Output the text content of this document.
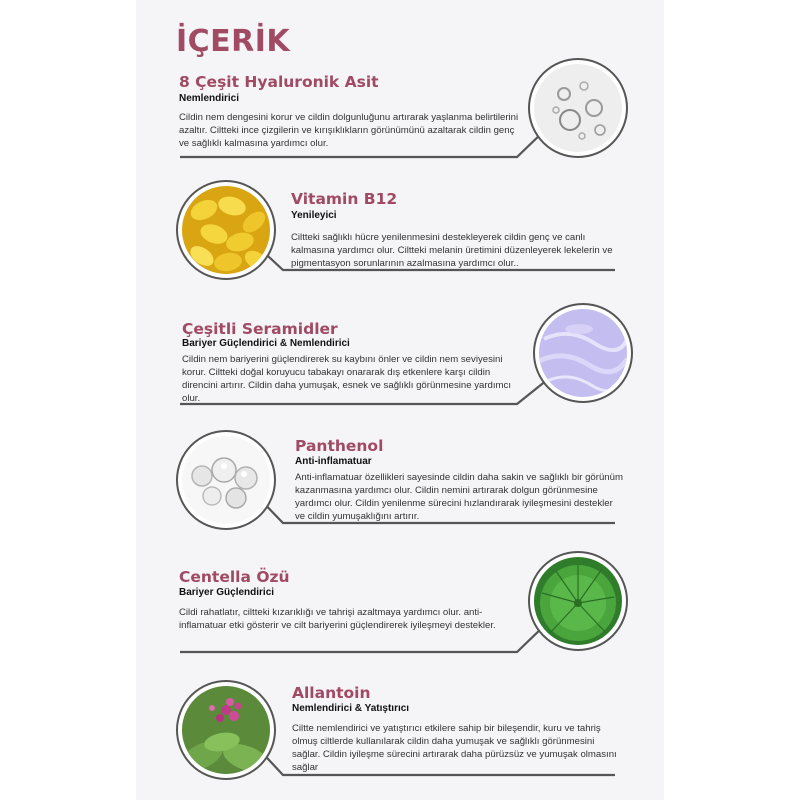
İÇERİK
8 Çeşit Hyaluronik Asit
Nemlendirici

Cildin nem dengesini korur ve cildin dolgunluğunu artırarak yaşlanma belirtilerini azaltır. Ciltteki ince çizgilerin ve kırışıklıkların görünümünü azaltarak cildin genç ve sağlıklı kalmasına yardımcı olur.

Vitamin B12
Yenileyici

Ciltteki sağlıklı hücre yenilenmesini destekleyerek cildin genç ve canlı kalmasına yardımcı olur. Ciltteki melanin üretimini düzenleyerek lekelerin ve pigmentasyon sorunlarının azalmasına yardımcı olur..

Çeşitli Seramidler
Bariyer Güçlendirici & Nemlendirici

Cildin nem bariyerini güçlendirerek su kaybını önler ve cildin nem seviyesini korur. Ciltteki doğal koruyucu tabakayı onararak dış etkenlere karşı cildin direncini artırır. Cildin daha yumuşak, esnek ve sağlıklı görünmesine yardımcı olur.

Panthenol
Anti-inflamatuar

Anti-inflamatuar özellikleri sayesinde cildin daha sakin ve sağlıklı bir görünüm kazanmasına yardımcı olur. Cildin nemini artırarak dolgun görünmesine yardımcı olur. Cildin yenilenme sürecini hızlandırarak iyileşmesini destekler ve cildin yumuşaklığını artırır.

Centella Özü
Bariyer Güçlendirici

Cildi rahatlatır, ciltteki kızarıklığı ve tahrişi azaltmaya yardımcı olur. anti-inflamatuar etki gösterir ve cilt bariyerini güçlendirerek iyileşmeyi destekler.

Allantoin
Nemlendirici & Yatıştırıcı

Ciltte nemlendirici ve yatıştırıcı etkilere sahip bir bileşendir, kuru ve tahriş olmuş ciltlerde kullanılarak cildin daha yumuşak ve sağlıklı görünmesini sağlar. Cildin iyileşme sürecini artırarak daha pürüzsüz ve yumuşak olmasını sağlar
